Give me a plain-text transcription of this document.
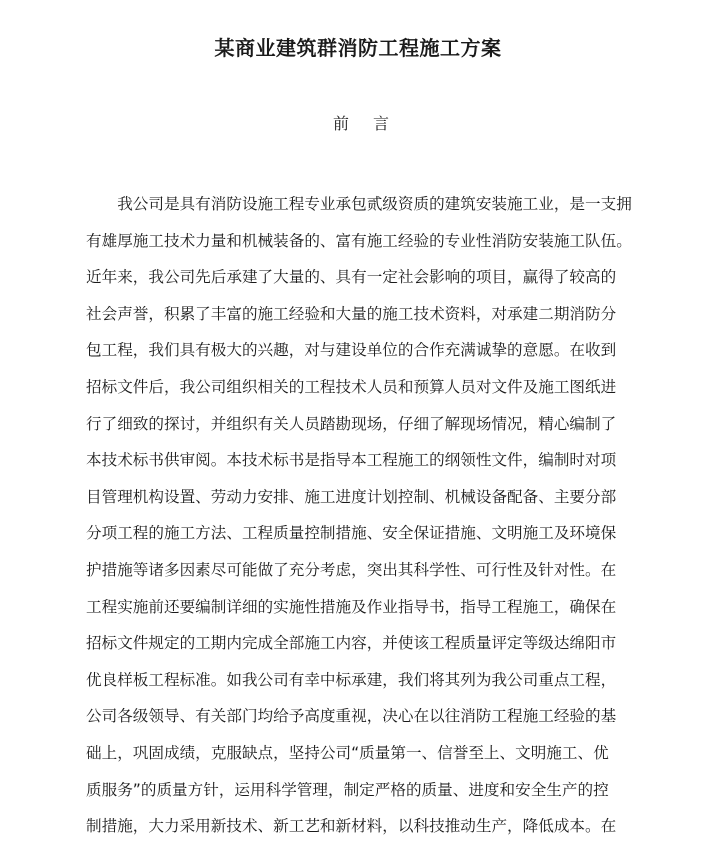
某商业建筑群消防工程施工方案
前言
　　我公司是具有消防设施工程专业承包贰级资质的建筑安装施工业，是一支拥
有雄厚施工技术力量和机械装备的、富有施工经验的专业性消防安装施工队伍。
近年来，我公司先后承建了大量的、具有一定社会影响的项目，赢得了较高的
社会声誉，积累了丰富的施工经验和大量的施工技术资料，对承建二期消防分
包工程，我们具有极大的兴趣，对与建设单位的合作充满诚挚的意愿。在收到
招标文件后，我公司组织相关的工程技术人员和预算人员对文件及施工图纸进
行了细致的探讨，并组织有关人员踏勘现场，仔细了解现场情况，精心编制了
本技术标书供审阅。本技术标书是指导本工程施工的纲领性文件，编制时对项
目管理机构设置、劳动力安排、施工进度计划控制、机械设备配备、主要分部
分项工程的施工方法、工程质量控制措施、安全保证措施、文明施工及环境保
护措施等诸多因素尽可能做了充分考虑，突出其科学性、可行性及针对性。在
工程实施前还要编制详细的实施性措施及作业指导书，指导工程施工，确保在
招标文件规定的工期内完成全部施工内容，并使该工程质量评定等级达绵阳市
优良样板工程标准。如我公司有幸中标承建，我们将其列为我公司重点工程，
公司各级领导、有关部门均给予高度重视，决心在以往消防工程施工经验的基
础上，巩固成绩，克服缺点，坚持公司“质量第一、信誉至上、文明施工、优
质服务”的质量方针，运用科学管理，制定严格的质量、进度和安全生产的控
制措施，大力采用新技术、新工艺和新材料，以科技推动生产，降低成本。在
